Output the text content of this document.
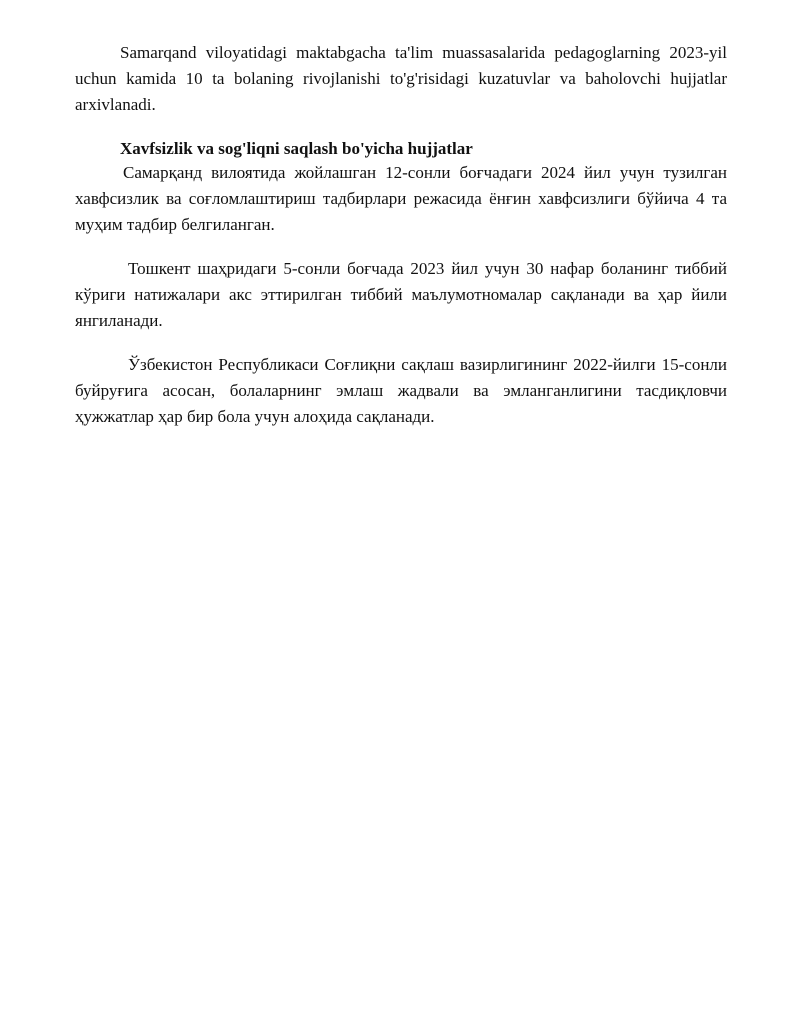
Samarqand viloyatidagi maktabgacha ta'lim muassasalarida pedagoglarning 2023-yil uchun kamida 10 ta bolaning rivojlanishi to'g'risidagi kuzatuvlar va baholovchi hujjatlar arxivlanadi.

Xavfsizlik va sog'liqni saqlash bo'yicha hujjatlar

Самарқанд вилоятида жойлашган 12-сонли боғчадаги 2024 йил учун тузилган хавфсизлик ва соғломлаштириш тадбирлари режасида ёнғин хавфсизлиги бўйича 4 та муҳим тадбир белгиланган.

Тошкент шаҳридаги 5-сонли боғчада 2023 йил учун 30 нафар боланинг тиббий кўриги натижалари акс эттирилган тиббий маълумотномалар сақланади ва ҳар йили янгиланади.

Ўзбекистон Республикаси Соғлиқни сақлаш вазирлигининг 2022-йилги 15-сонли буйруғига асосан, болаларнинг эмлаш жадвали ва эмланганлигини тасдиқловчи ҳужжатлар ҳар бир бола учун алоҳида сақланади.
